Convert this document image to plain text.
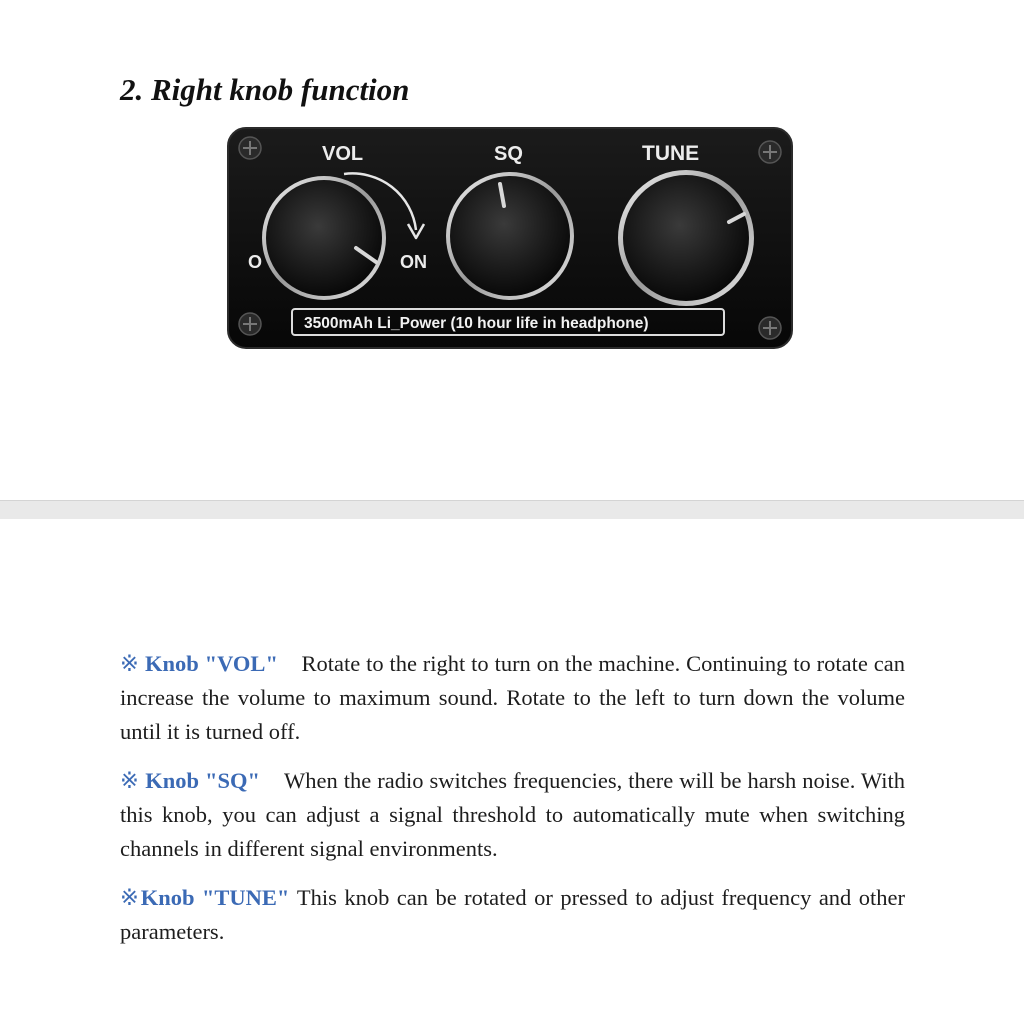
2. Right knob function
VOL	SQ	TUNE
O	ON
3500mAh Li_Power (10 hour life in headphone)

※ Knob "VOL" Rotate to the right to turn on the machine. Continuing to rotate can increase the volume to maximum sound. Rotate to the left to turn down the volume until it is turned off.

※ Knob "SQ" When the radio switches frequencies, there will be harsh noise. With this knob, you can adjust a signal threshold to automatically mute when switching channels in different signal environments.

※Knob "TUNE" This knob can be rotated or pressed to adjust frequency and other parameters.
